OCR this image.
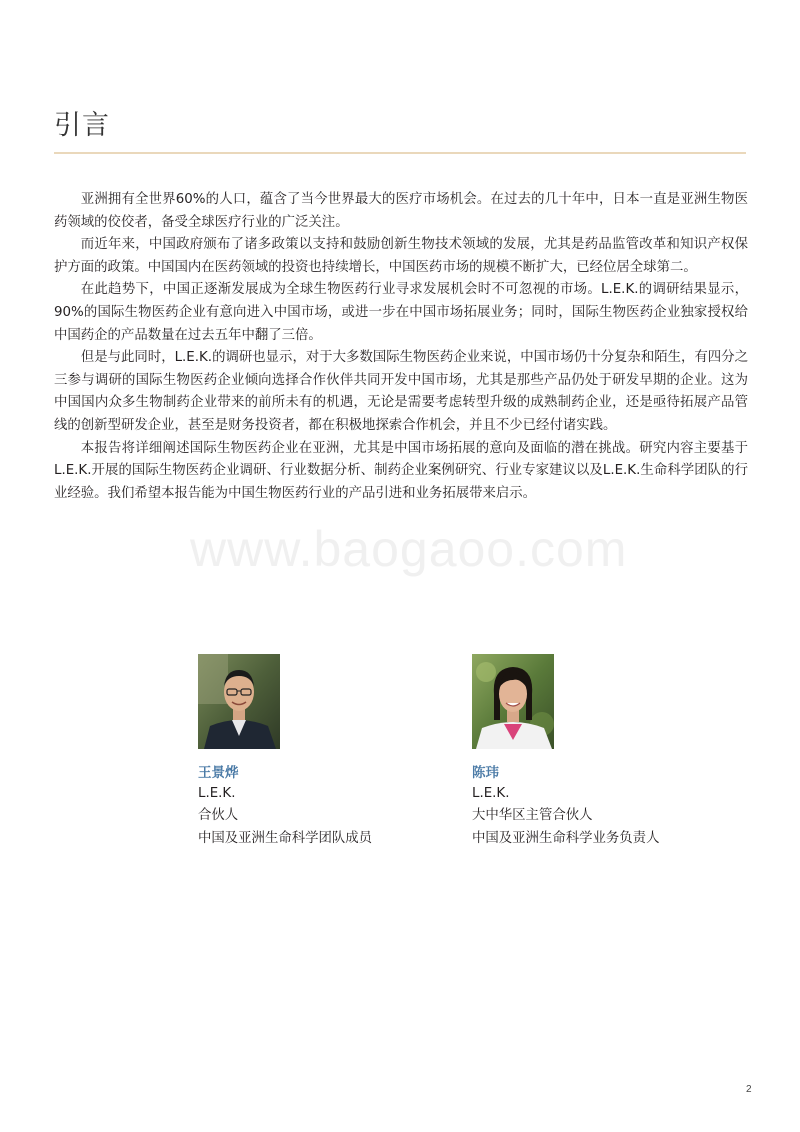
引言

亚洲拥有全世界60%的人口，蕴含了当今世界最大的医疗市场机会。在过去的几十年中，日本一直是亚洲生物医药领域的佼佼者，备受全球医疗行业的广泛关注。

而近年来，中国政府颁布了诸多政策以支持和鼓励创新生物技术领域的发展，尤其是药品监管改革和知识产权保护方面的政策。中国国内在医药领域的投资也持续增长，中国医药市场的规模不断扩大，已经位居全球第二。

在此趋势下，中国正逐渐发展成为全球生物医药行业寻求发展机会时不可忽视的市场。L.E.K.的调研结果显示，90%的国际生物医药企业有意向进入中国市场，或进一步在中国市场拓展业务；同时，国际生物医药企业独家授权给中国药企的产品数量在过去五年中翻了三倍。

但是与此同时，L.E.K.的调研也显示，对于大多数国际生物医药企业来说，中国市场仍十分复杂和陌生，有四分之三参与调研的国际生物医药企业倾向选择合作伙伴共同开发中国市场，尤其是那些产品仍处于研发早期的企业。这为中国国内众多生物制药企业带来的前所未有的机遇，无论是需要考虑转型升级的成熟制药企业，还是亟待拓展产品管线的创新型研发企业，甚至是财务投资者，都在积极地探索合作机会，并且不少已经付诸实践。

本报告将详细阐述国际生物医药企业在亚洲，尤其是中国市场拓展的意向及面临的潜在挑战。研究内容主要基于L.E.K.开展的国际生物医药企业调研、行业数据分析、制药企业案例研究、行业专家建议以及L.E.K.生命科学团队的行业经验。我们希望本报告能为中国生物医药行业的产品引进和业务拓展带来启示。

www.baogaoo.com
王景烨
L.E.K.
合伙人
中国及亚洲生命科学团队成员
陈玮
L.E.K.
大中华区主管合伙人
中国及亚洲生命科学业务负责人
2
